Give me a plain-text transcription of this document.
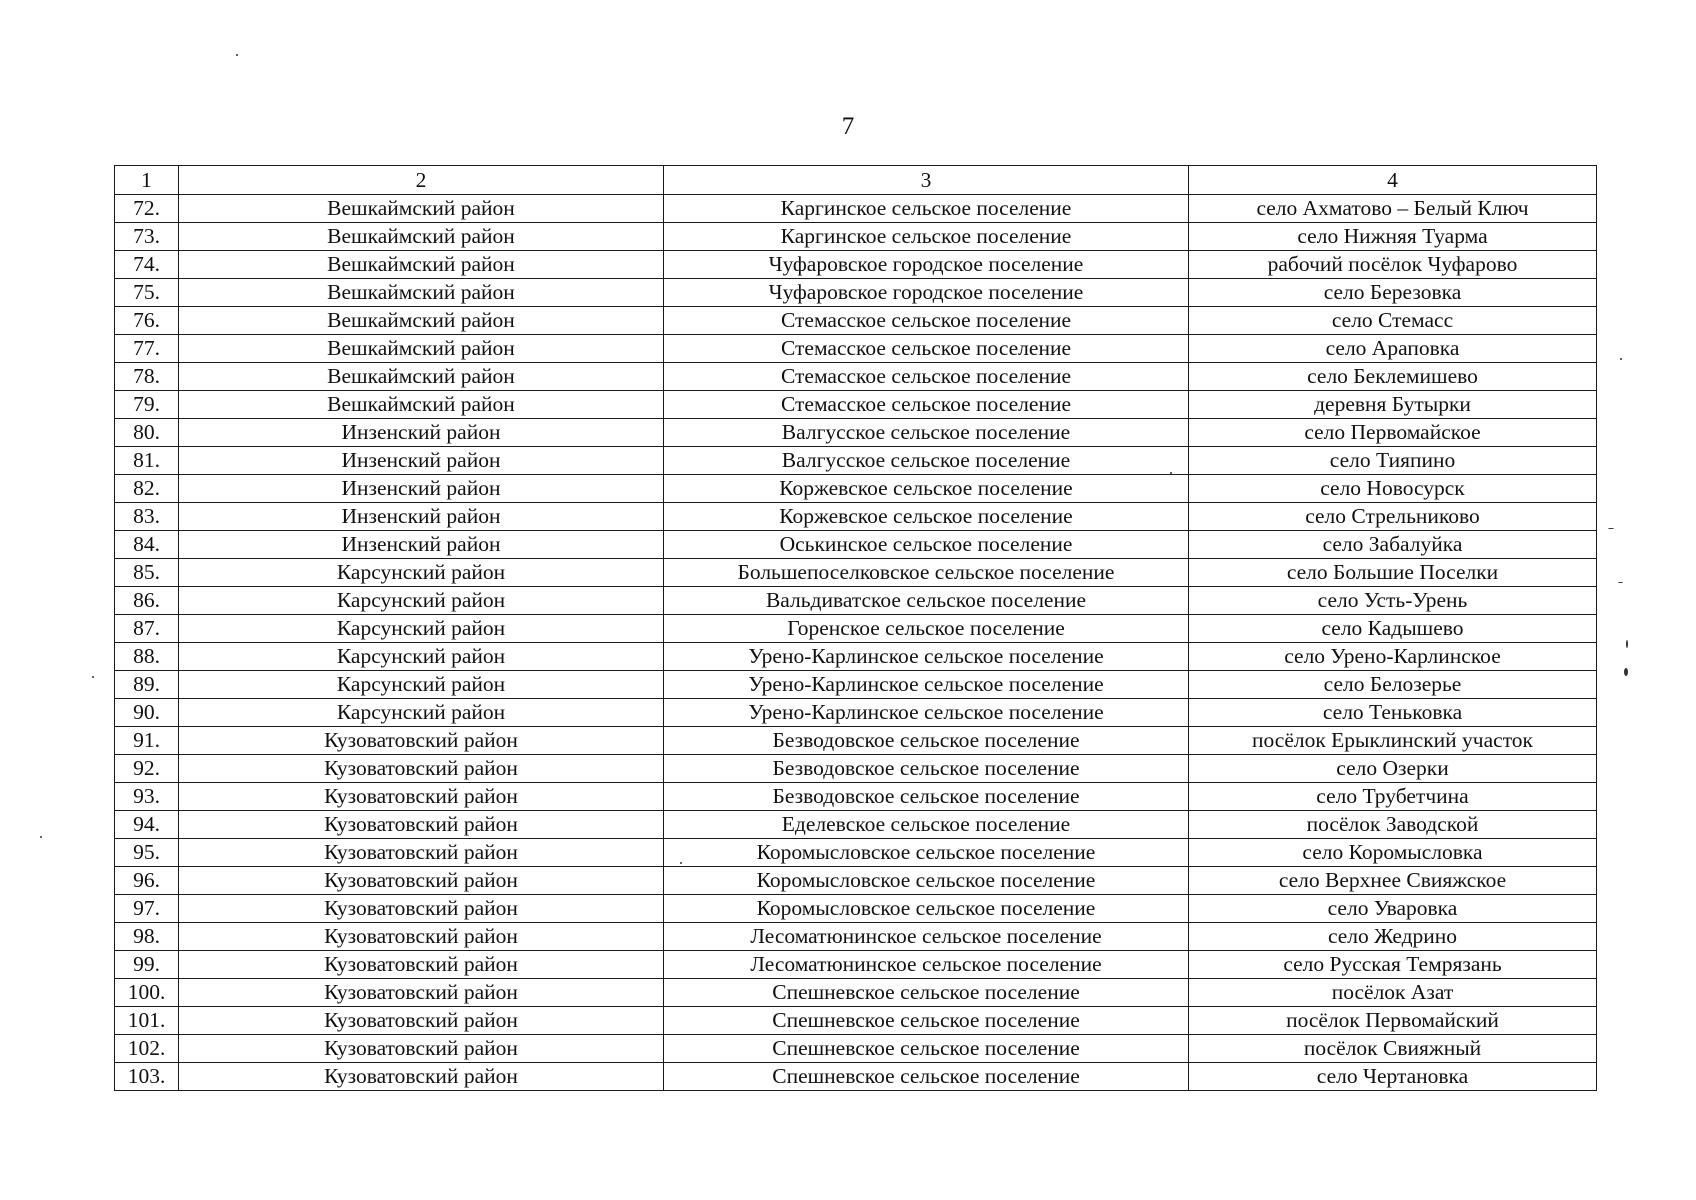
7
1	2	3	4
72.	Вешкаймский район	Каргинское сельское поселение	село Ахматово – Белый Ключ
73.	Вешкаймский район	Каргинское сельское поселение	село Нижняя Туарма
74.	Вешкаймский район	Чуфаровское городское поселение	рабочий посёлок Чуфарово
75.	Вешкаймский район	Чуфаровское городское поселение	село Березовка
76.	Вешкаймский район	Стемасское сельское поселение	село Стемасс
77.	Вешкаймский район	Стемасское сельское поселение	село Араповка
78.	Вешкаймский район	Стемасское сельское поселение	село Беклемишево
79.	Вешкаймский район	Стемасское сельское поселение	деревня Бутырки
80.	Инзенский район	Валгусское сельское поселение	село Первомайское
81.	Инзенский район	Валгусское сельское поселение	село Тияпино
82.	Инзенский район	Коржевское сельское поселение	село Новосурск
83.	Инзенский район	Коржевское сельское поселение	село Стрельниково
84.	Инзенский район	Оськинское сельское поселение	село Забалуйка
85.	Карсунский район	Большепоселковское сельское поселение	село Большие Поселки
86.	Карсунский район	Вальдиватское сельское поселение	село Усть-Урень
87.	Карсунский район	Горенское сельское поселение	село Кадышево
88.	Карсунский район	Урено-Карлинское сельское поселение	село Урено-Карлинское
89.	Карсунский район	Урено-Карлинское сельское поселение	село Белозерье
90.	Карсунский район	Урено-Карлинское сельское поселение	село Теньковка
91.	Кузоватовский район	Безводовское сельское поселение	посёлок Ерыклинский участок
92.	Кузоватовский район	Безводовское сельское поселение	село Озерки
93.	Кузоватовский район	Безводовское сельское поселение	село Трубетчина
94.	Кузоватовский район	Еделевское сельское поселение	посёлок Заводской
95.	Кузоватовский район	Коромысловское сельское поселение	село Коромысловка
96.	Кузоватовский район	Коромысловское сельское поселение	село Верхнее Свияжское
97.	Кузоватовский район	Коромысловское сельское поселение	село Уваровка
98.	Кузоватовский район	Лесоматюнинское сельское поселение	село Жедрино
99.	Кузоватовский район	Лесоматюнинское сельское поселение	село Русская Темрязань
100.	Кузоватовский район	Спешневское сельское поселение	посёлок Азат
101.	Кузоватовский район	Спешневское сельское поселение	посёлок Первомайский
102.	Кузоватовский район	Спешневское сельское поселение	посёлок Свияжный
103.	Кузоватовский район	Спешневское сельское поселение	село Чертановка
